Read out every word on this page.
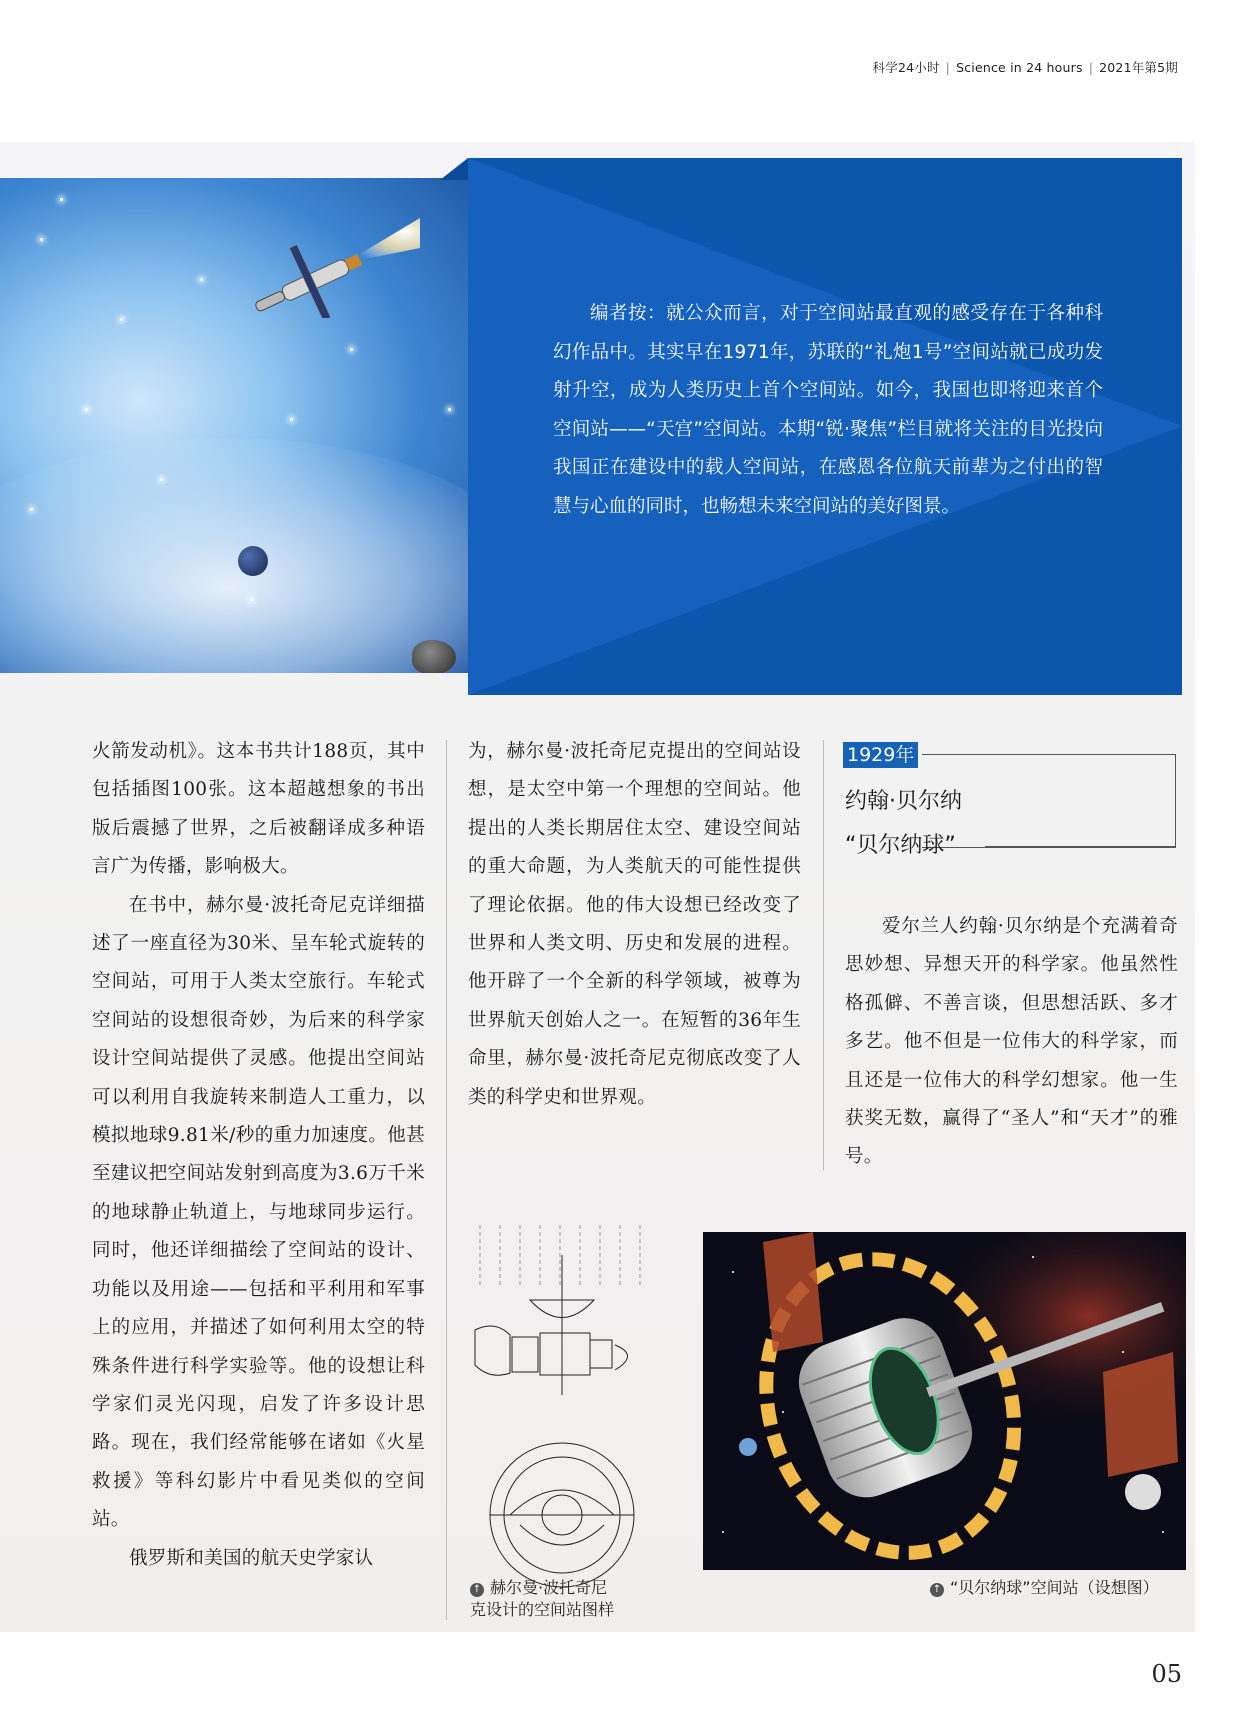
科学24小时 | Science in 24 hours | 2021年第5期
编者按：就公众而言，对于空间站最直观的感受存在于各种科幻作品中。其实早在1971年，苏联的“礼炮1号”空间站就已成功发射升空，成为人类历史上首个空间站。如今，我国也即将迎来首个空间站——“天宫”空间站。本期“锐·聚焦”栏目就将关注的目光投向我国正在建设中的载人空间站，在感恩各位航天前辈为之付出的智慧与心血的同时，也畅想未来空间站的美好图景。

火箭发动机》。这本书共计188页，其中包括插图100张。这本超越想象的书出版后震撼了世界，之后被翻译成多种语言广为传播，影响极大。

在书中，赫尔曼·波托奇尼克详细描述了一座直径为30米、呈车轮式旋转的空间站，可用于人类太空旅行。车轮式空间站的设想很奇妙，为后来的科学家设计空间站提供了灵感。他提出空间站可以利用自我旋转来制造人工重力，以模拟地球9.81米/秒的重力加速度。他甚至建议把空间站发射到高度为3.6万千米的地球静止轨道上，与地球同步运行。同时，他还详细描绘了空间站的设计、功能以及用途——包括和平利用和军事上的应用，并描述了如何利用太空的特殊条件进行科学实验等。他的设想让科学家们灵光闪现，启发了许多设计思路。现在，我们经常能够在诸如《火星救援》等科幻影片中看见类似的空间站。

俄罗斯和美国的航天史学家认

为，赫尔曼·波托奇尼克提出的空间站设想，是太空中第一个理想的空间站。他提出的人类长期居住太空、建设空间站的重大命题，为人类航天的可能性提供了理论依据。他的伟大设想已经改变了世界和人类文明、历史和发展的进程。他开辟了一个全新的科学领域，被尊为世界航天创始人之一。在短暂的36年生命里，赫尔曼·波托奇尼克彻底改变了人类的科学史和世界观。

1929年
约翰·贝尔纳
“贝尔纳球”

爱尔兰人约翰·贝尔纳是个充满着奇思妙想、异想天开的科学家。他虽然性格孤僻、不善言谈，但思想活跃、多才多艺。他不但是一位伟大的科学家，而且还是一位伟大的科学幻想家。他一生获奖无数，赢得了“圣人”和“天才”的雅号。

↑ 赫尔曼·波托奇尼
克设计的空间站图样
↑ “贝尔纳球”空间站（设想图）
05
